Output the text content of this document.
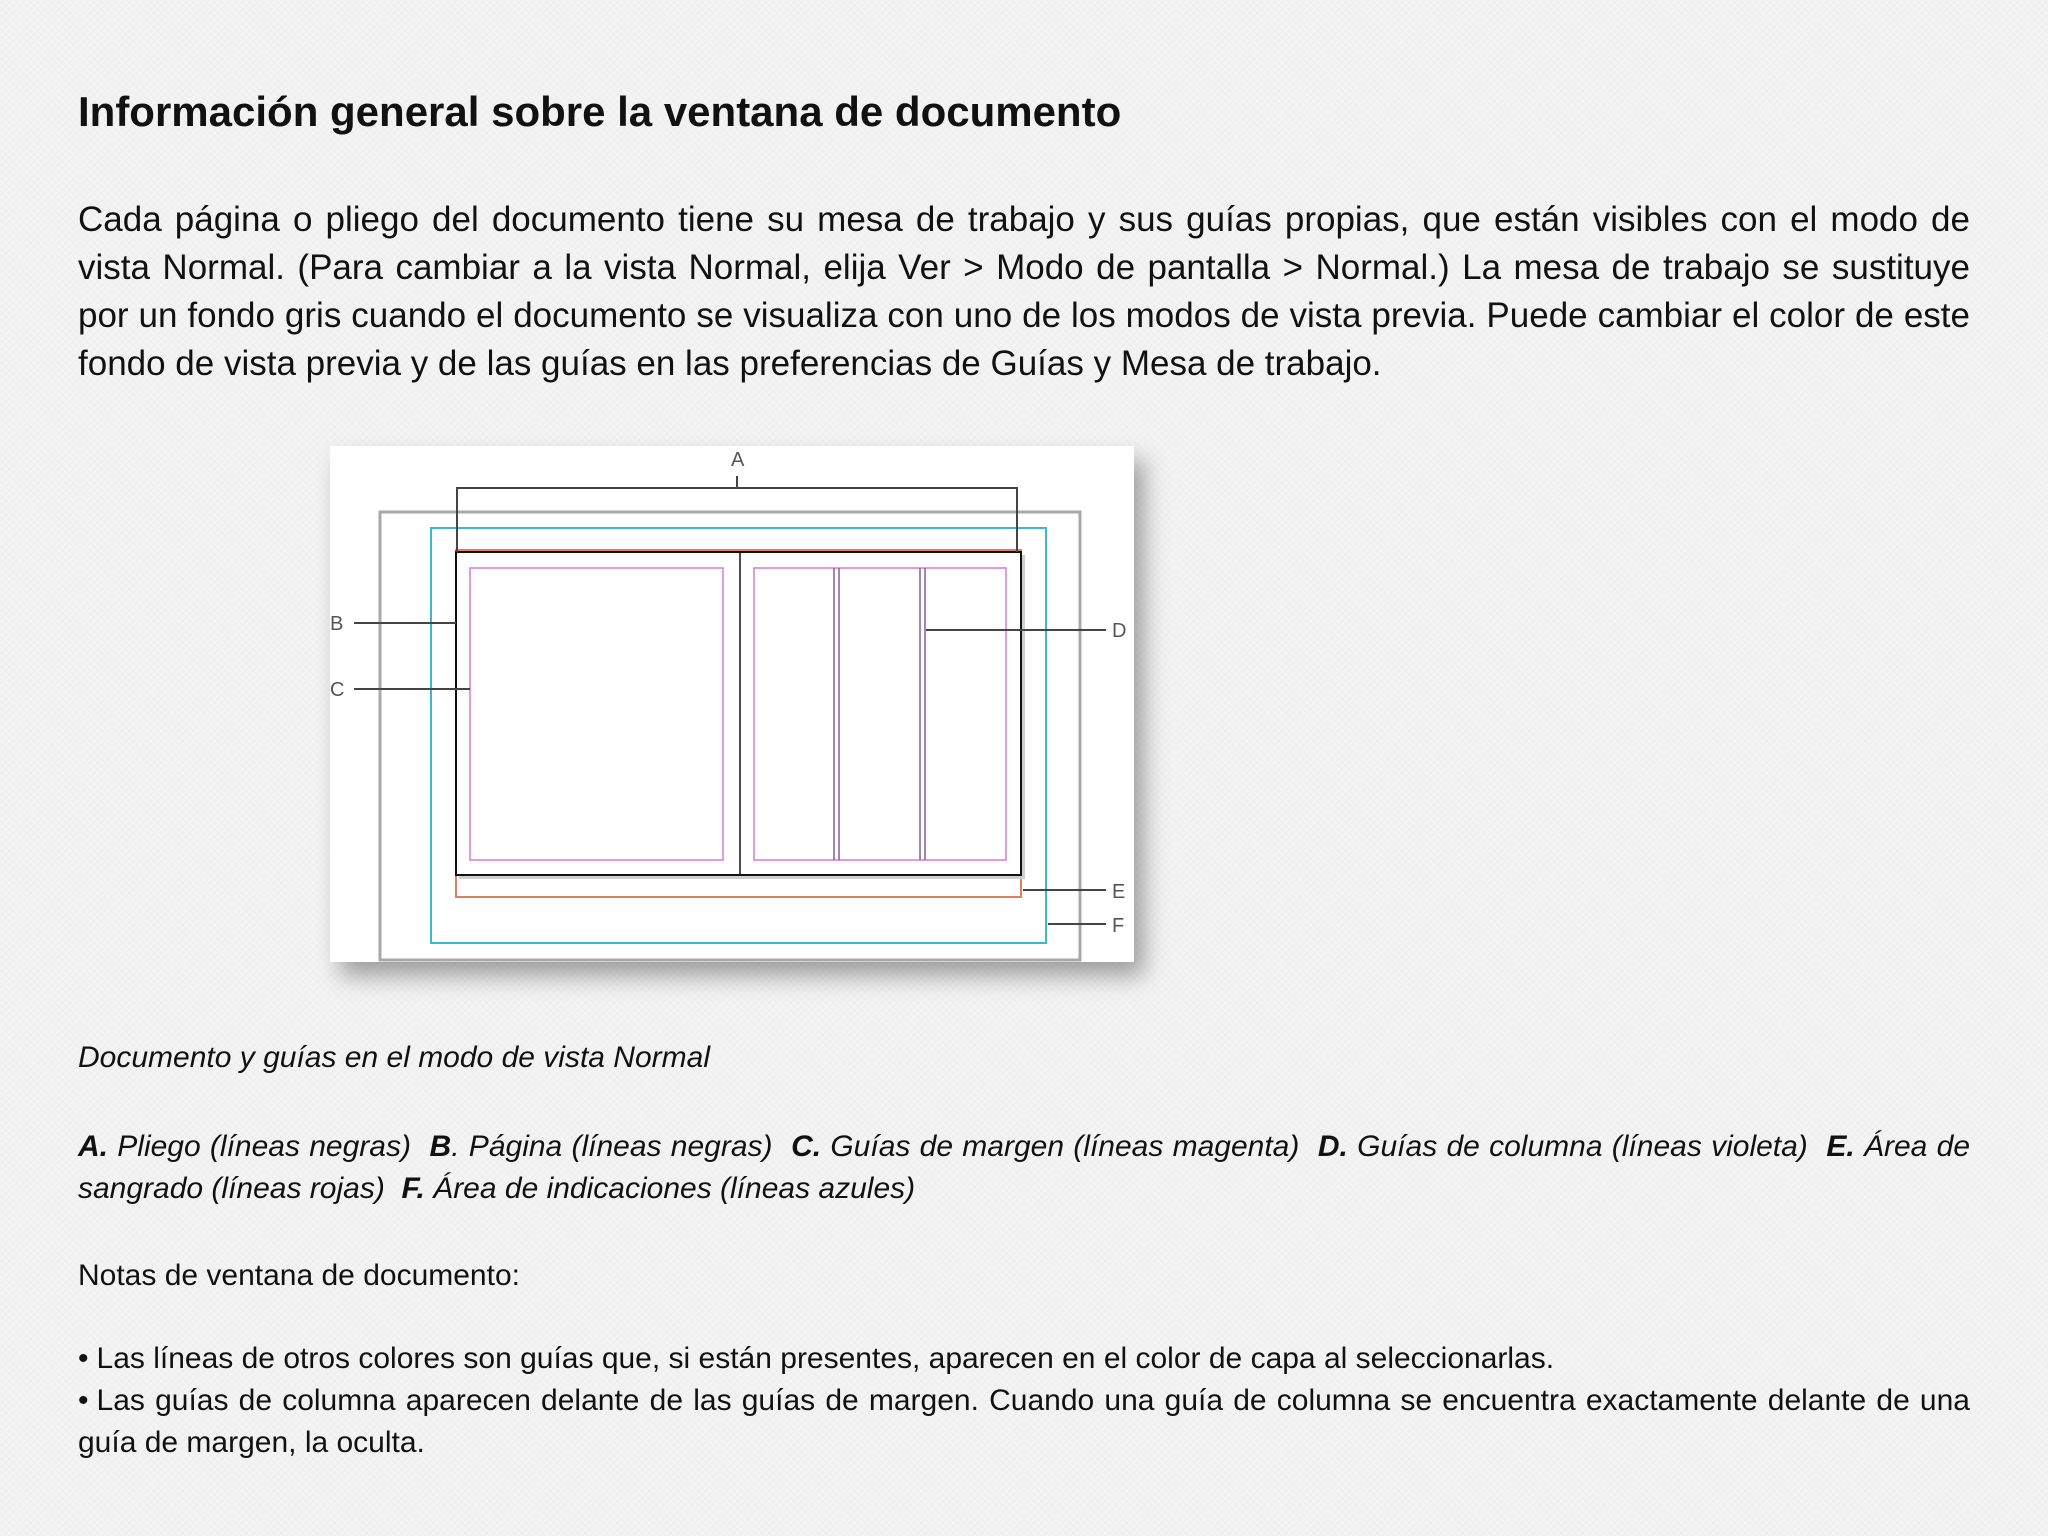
Información general sobre la ventana de documento

Cada página o pliego del documento tiene su mesa de trabajo y sus guías propias, que están visibles con el modo de vista Normal. (Para cambiar a la vista Normal, elija Ver > Modo de pantalla > Normal.) La mesa de trabajo se sustituye por un fondo gris cuando el documento se visualiza con uno de los modos de vista previa. Puede cambiar el color de este fondo de vista previa y de las guías en las preferencias de Guías y Mesa de trabajo.

A
B
C
D
E
F

Documento y guías en el modo de vista Normal

A. Pliego (líneas negras) B. Página (líneas negras) C. Guías de margen (líneas magenta) D. Guías de columna (líneas violeta) E. Área de sangrado (líneas rojas) F. Área de indicaciones (líneas azules)

Notas de ventana de documento:

• Las líneas de otros colores son guías que, si están presentes, aparecen en el color de capa al seleccionarlas.
• Las guías de columna aparecen delante de las guías de margen. Cuando una guía de columna se encuentra exactamente delante de una guía de margen, la oculta.
